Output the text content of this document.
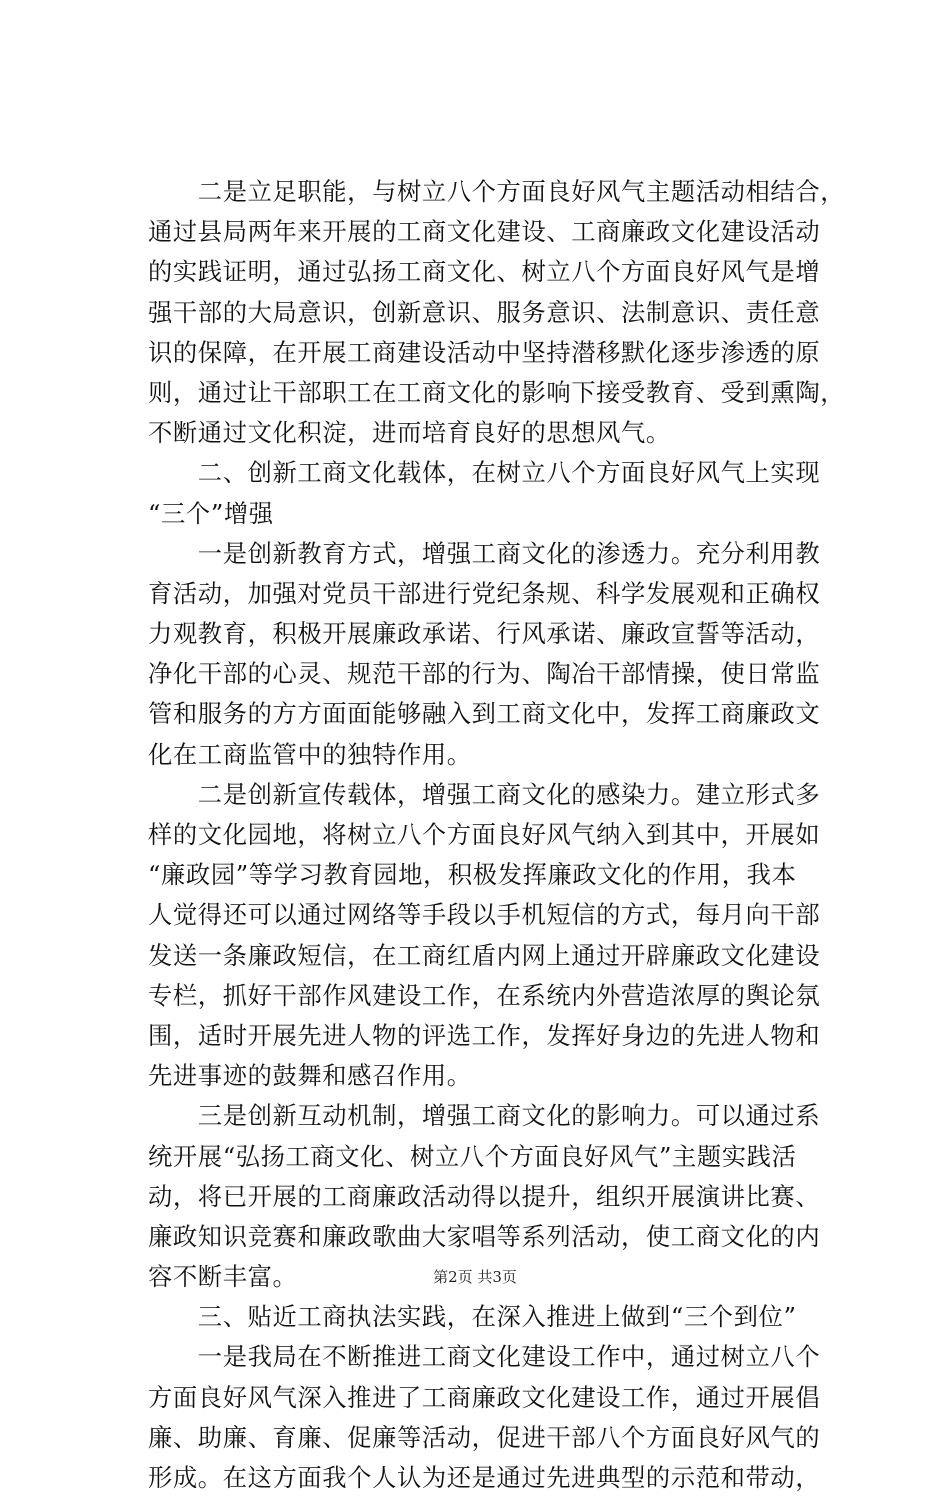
　　二是立足职能，与树立八个方面良好风气主题活动相结合，
通过县局两年来开展的工商文化建设、工商廉政文化建设活动
的实践证明，通过弘扬工商文化、树立八个方面良好风气是增
强干部的大局意识，创新意识、服务意识、法制意识、责任意
识的保障，在开展工商建设活动中坚持潜移默化逐步渗透的原
则，通过让干部职工在工商文化的影响下接受教育、受到熏陶，
不断通过文化积淀，进而培育良好的思想风气。
　　二、创新工商文化载体，在树立八个方面良好风气上实现
“三个”增强
　　一是创新教育方式，增强工商文化的渗透力。充分利用教
育活动，加强对党员干部进行党纪条规、科学发展观和正确权
力观教育，积极开展廉政承诺、行风承诺、廉政宣誓等活动，
净化干部的心灵、规范干部的行为、陶冶干部情操，使日常监
管和服务的方方面面能够融入到工商文化中，发挥工商廉政文
化在工商监管中的独特作用。
　　二是创新宣传载体，增强工商文化的感染力。建立形式多
样的文化园地，将树立八个方面良好风气纳入到其中，开展如
“廉政园”等学习教育园地，积极发挥廉政文化的作用，我本
人觉得还可以通过网络等手段以手机短信的方式，每月向干部
发送一条廉政短信，在工商红盾内网上通过开辟廉政文化建设
专栏，抓好干部作风建设工作，在系统内外营造浓厚的舆论氛
围，适时开展先进人物的评选工作，发挥好身边的先进人物和
先进事迹的鼓舞和感召作用。
　　三是创新互动机制，增强工商文化的影响力。可以通过系
统开展“弘扬工商文化、树立八个方面良好风气”主题实践活
动，将已开展的工商廉政活动得以提升，组织开展演讲比赛、
廉政知识竞赛和廉政歌曲大家唱等系列活动，使工商文化的内
容不断丰富。
　　三、贴近工商执法实践，在深入推进上做到“三个到位”
　　一是我局在不断推进工商文化建设工作中，通过树立八个
方面良好风气深入推进了工商廉政文化建设工作，通过开展倡
廉、助廉、育廉、促廉等活动，促进干部八个方面良好风气的
形成。在这方面我个人认为还是通过先进典型的示范和带动，
第2页 共3页
